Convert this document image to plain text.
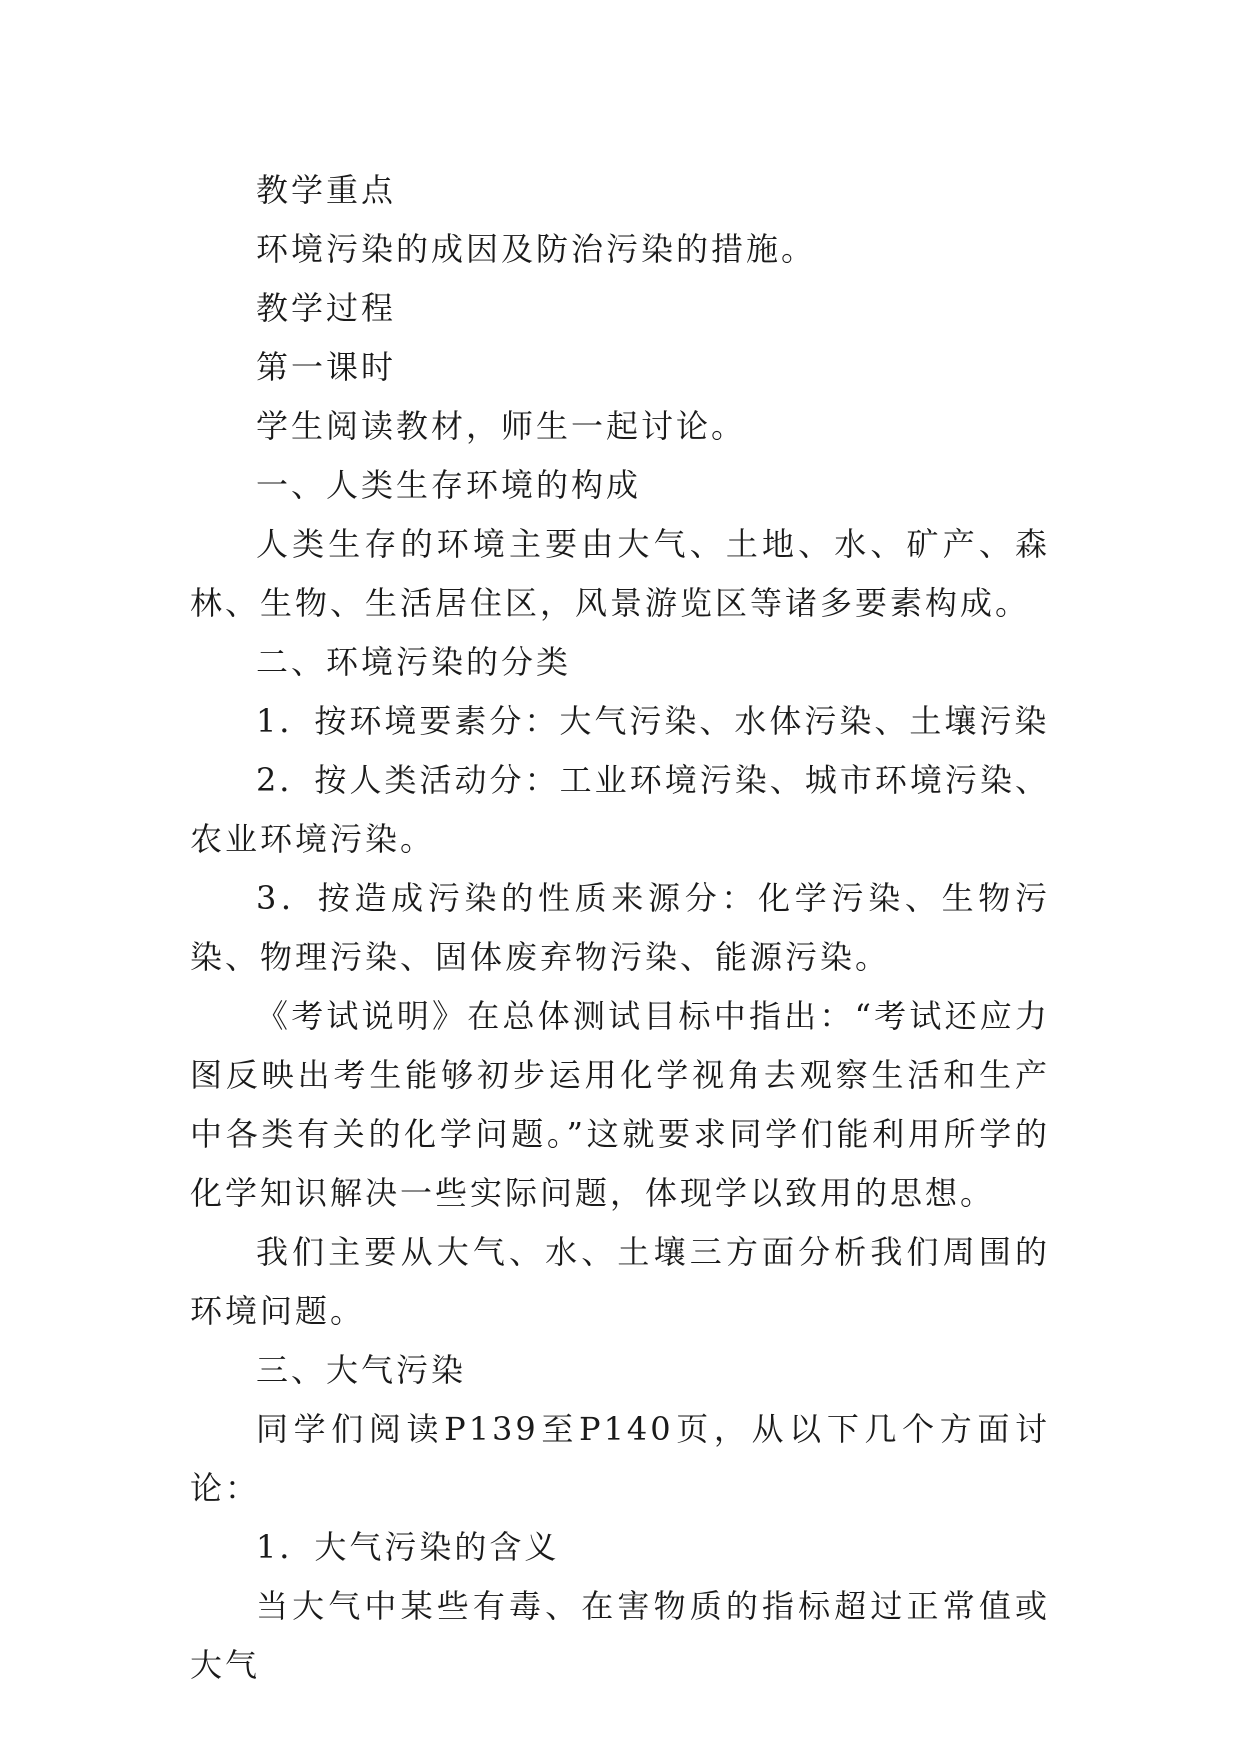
教学重点

环境污染的成因及防治污染的措施。

教学过程

第一课时

学生阅读教材，师生一起讨论。

一、人类生存环境的构成

人类生存的环境主要由大气、土地、水、矿产、森林、生物、生活居住区，风景游览区等诸多要素构成。

二、环境污染的分类

1．按环境要素分：大气污染、水体污染、土壤污染

2．按人类活动分：工业环境污染、城市环境污染、农业环境污染。

3．按造成污染的性质来源分：化学污染、生物污染、物理污染、固体废弃物污染、能源污染。

《考试说明》在总体测试目标中指出：“考试还应力图反映出考生能够初步运用化学视角去观察生活和生产中各类有关的化学问题。”这就要求同学们能利用所学的化学知识解决一些实际问题，体现学以致用的思想。

我们主要从大气、水、土壤三方面分析我们周围的环境问题。

三、大气污染

同学们阅读P139至P140页，从以下几个方面讨论：

1．大气污染的含义

当大气中某些有毒、在害物质的指标超过正常值或大气
